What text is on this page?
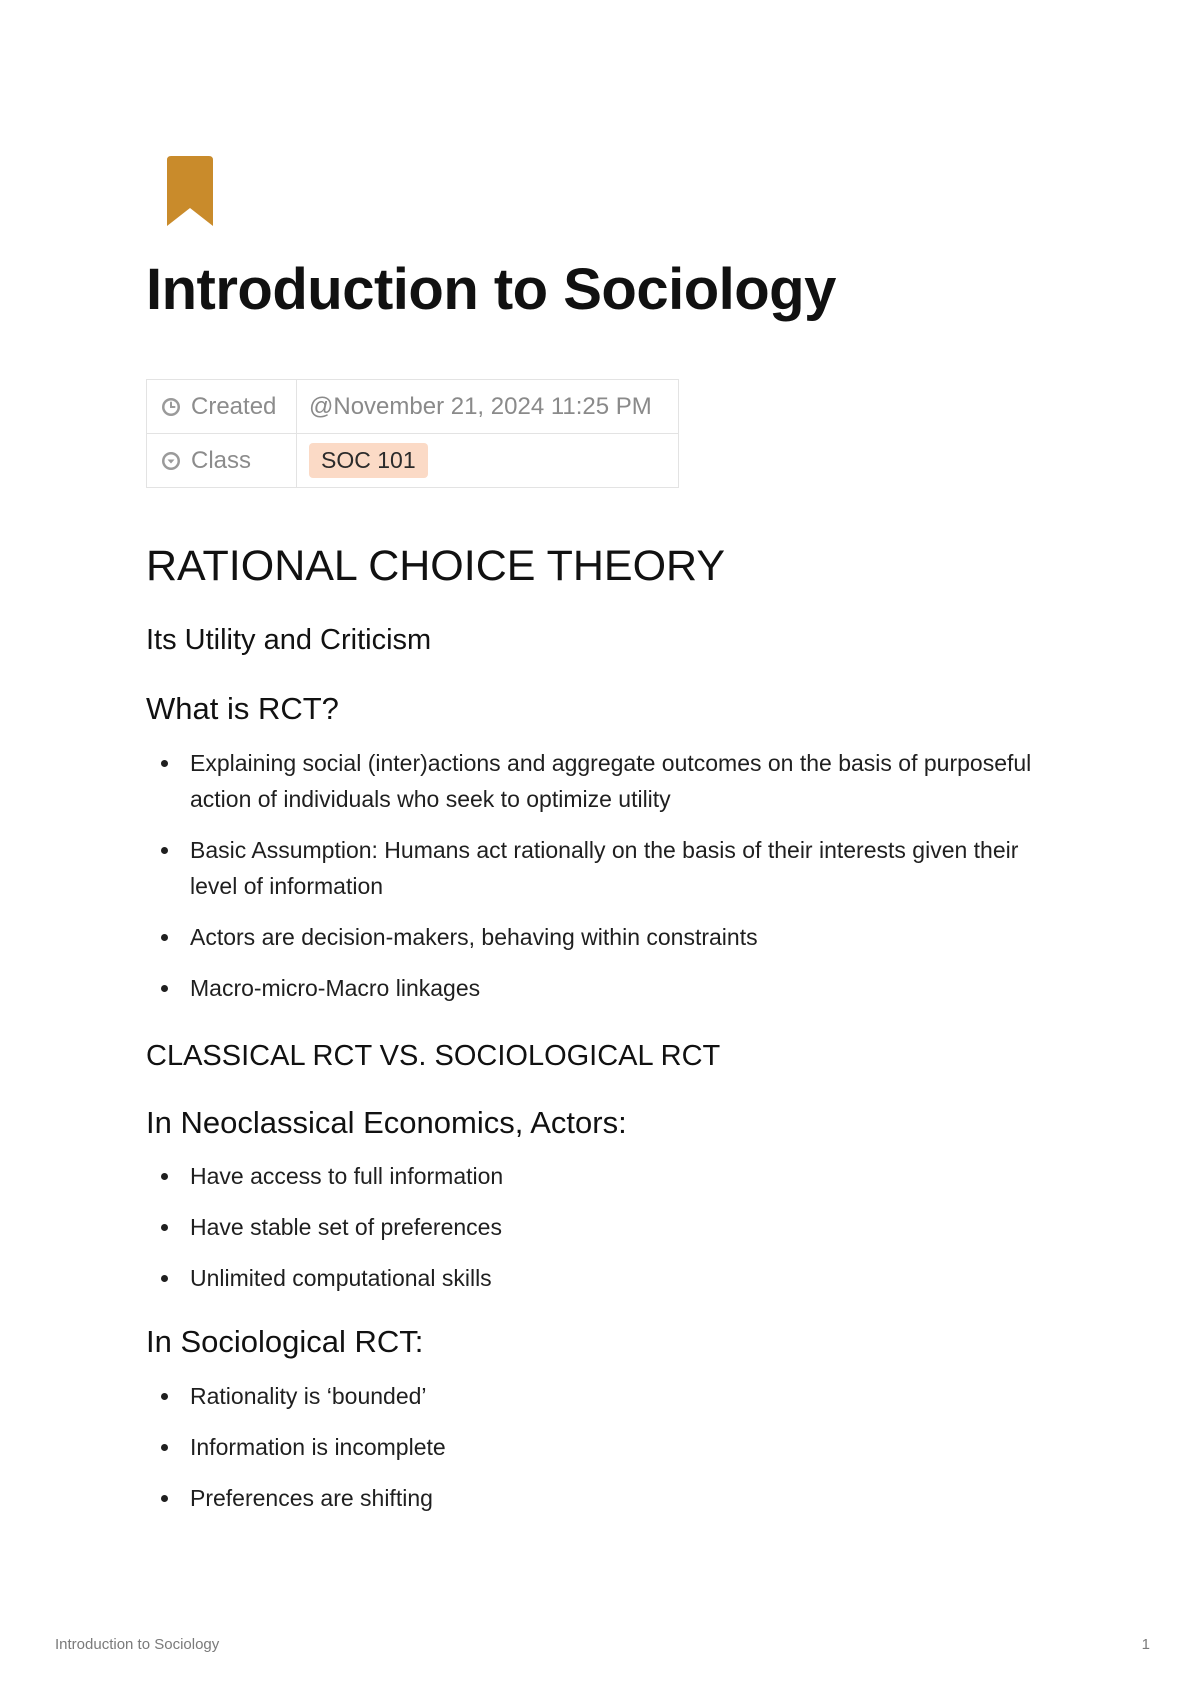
Introduction to Sociology
Created	@November 21, 2024 11:25 PM

Class	SOC 101
RATIONAL CHOICE THEORY
Its Utility and Criticism
What is RCT?
Explaining social (inter)actions and aggregate outcomes on the basis of purposeful action of individuals who seek to optimize utility
Basic Assumption: Humans act rationally on the basis of their interests given their level of information
Actors are decision-makers, behaving within constraints
Macro-micro-Macro linkages
CLASSICAL RCT VS. SOCIOLOGICAL RCT
In Neoclassical Economics, Actors:
Have access to full information
Have stable set of preferences
Unlimited computational skills
In Sociological RCT:
Rationality is ‘bounded’
Information is incomplete
Preferences are shifting
Introduction to Sociology	1
